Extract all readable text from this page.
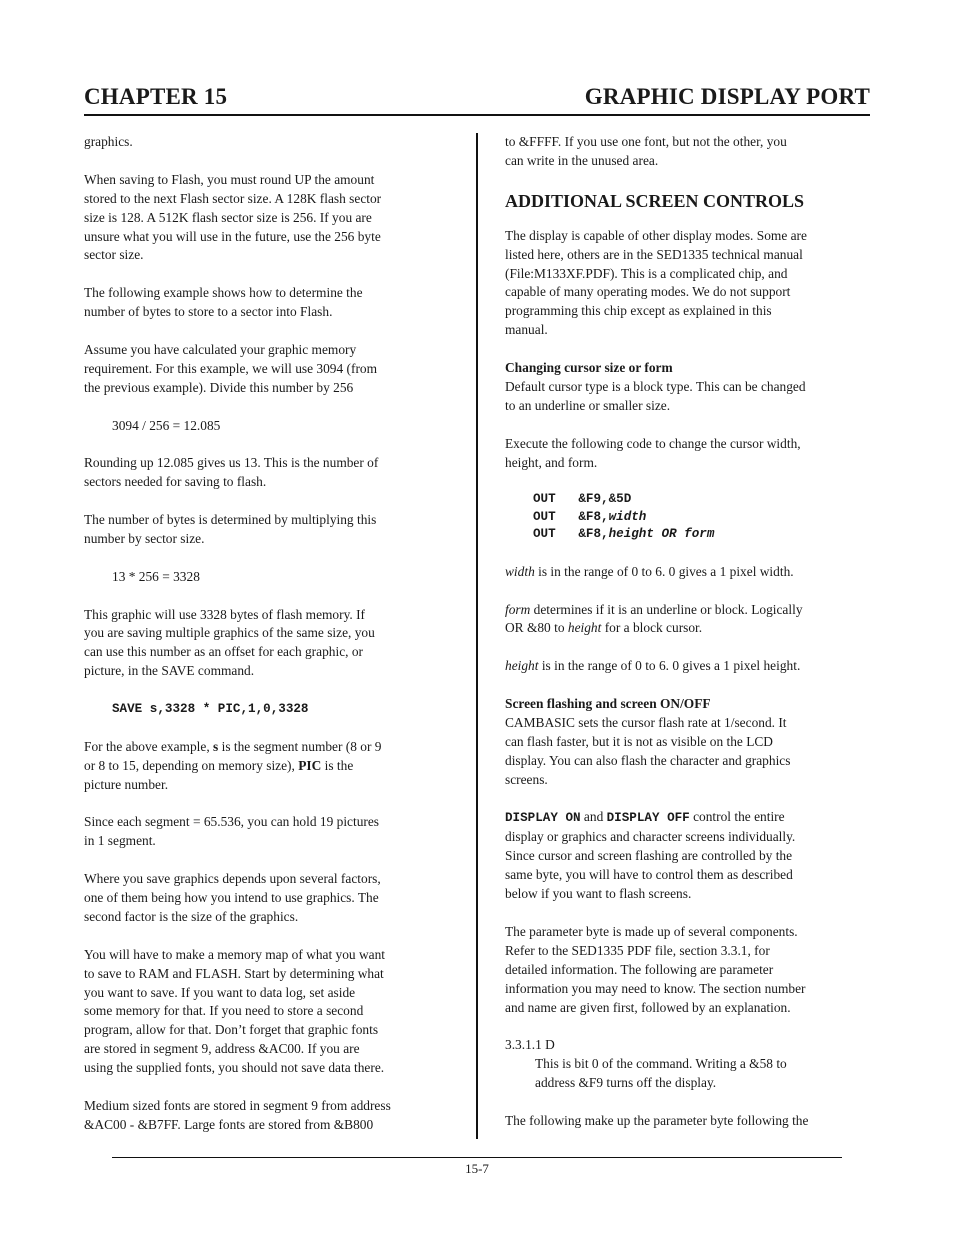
CHAPTER 15	GRAPHIC DISPLAY PORT

graphics.

When saving to Flash, you must round UP the amount
stored to the next Flash sector size. A 128K flash sector
size is 128. A 512K flash sector size is 256. If you are
unsure what you will use in the future, use the 256 byte
sector size.

The following example shows how to determine the
number of bytes to store to a sector into Flash.

Assume you have calculated your graphic memory
requirement. For this example, we will use 3094 (from
the previous example). Divide this number by 256

3094 / 256 = 12.085

Rounding up 12.085 gives us 13. This is the number of
sectors needed for saving to flash.

The number of bytes is determined by multiplying this
number by sector size.

13 * 256 = 3328

This graphic will use 3328 bytes of flash memory. If
you are saving multiple graphics of the same size, you
can use this number as an offset for each graphic, or
picture, in the SAVE command.

SAVE s,3328 * PIC,1,0,3328

For the above example, s is the segment number (8 or 9
or 8 to 15, depending on memory size), PIC is the
picture number.

Since each segment = 65.536, you can hold 19 pictures
in 1 segment.

Where you save graphics depends upon several factors,
one of them being how you intend to use graphics. The
second factor is the size of the graphics.

You will have to make a memory map of what you want
to save to RAM and FLASH. Start by determining what
you want to save. If you want to data log, set aside
some memory for that. If you need to store a second
program, allow for that. Don’t forget that graphic fonts
are stored in segment 9, address &AC00. If you are
using the supplied fonts, you should not save data there.

Medium sized fonts are stored in segment 9 from address
&AC00 - &B7FF. Large fonts are stored from &B800

to &FFFF. If you use one font, but not the other, you
can write in the unused area.

ADDITIONAL SCREEN CONTROLS

The display is capable of other display modes. Some are
listed here, others are in the SED1335 technical manual
(File:M133XF.PDF). This is a complicated chip, and
capable of many operating modes. We do not support
programming this chip except as explained in this
manual.

Changing cursor size or form

Default cursor type is a block type. This can be changed
to an underline or smaller size.

Execute the following code to change the cursor width,
height, and form.

OUT   &F9,&5D
OUT   &F8,width
OUT   &F8,height OR form

width is in the range of 0 to 6. 0 gives a 1 pixel width.

form determines if it is an underline or block. Logically
OR &80 to height for a block cursor.

height is in the range of 0 to 6. 0 gives a 1 pixel height.

Screen flashing and screen ON/OFF

CAMBASIC sets the cursor flash rate at 1/second. It
can flash faster, but it is not as visible on the LCD
display. You can also flash the character and graphics
screens.

DISPLAY ON and DISPLAY OFF control the entire
display or graphics and character screens individually.
Since cursor and screen flashing are controlled by the
same byte, you will have to control them as described
below if you want to flash screens.

The parameter byte is made up of several components.
Refer to the SED1335 PDF file, section 3.3.1, for
detailed information. The following are parameter
information you may need to know. The section number
and name are given first, followed by an explanation.

3.3.1.1 D

This is bit 0 of the command. Writing a &58 to
address &F9 turns off the display.

The following make up the parameter byte following the

15-7
